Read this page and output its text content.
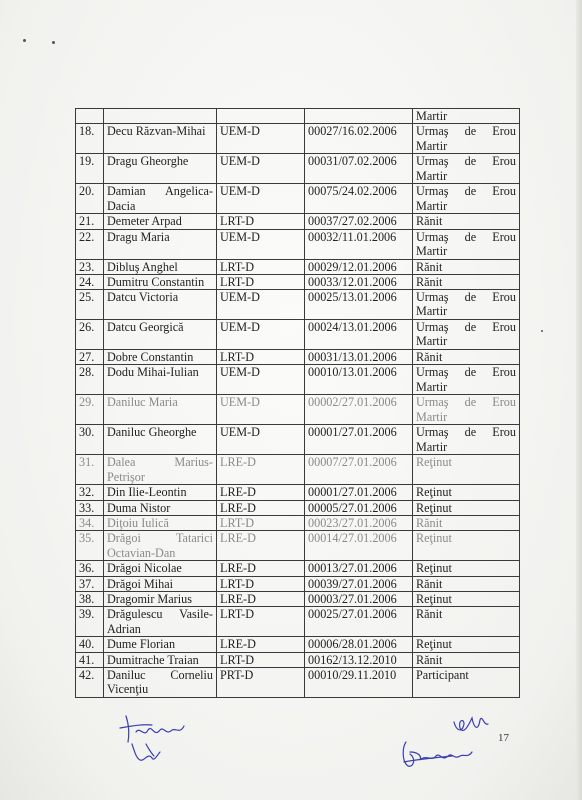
				Martir
18.	Decu Răzvan-Mihai	UEM-D	00027/16.02.2006	Urmaş de Erou Martir
19.	Dragu Gheorghe	UEM-D	00031/07.02.2006	Urmaş de Erou Martir
20.	Damian Angelica-Dacia	UEM-D	00075/24.02.2006	Urmaş de Erou Martir
21.	Demeter Arpad	LRT-D	00037/27.02.2006	Rănit
22.	Dragu Maria	UEM-D	00032/11.01.2006	Urmaş de Erou Martir
23.	Dibluş Anghel	LRT-D	00029/12.01.2006	Rănit
24.	Dumitru Constantin	LRT-D	00033/12.01.2006	Rănit
25.	Datcu Victoria	UEM-D	00025/13.01.2006	Urmaş de Erou Martir
26.	Datcu Georgică	UEM-D	00024/13.01.2006	Urmaş de Erou Martir
27.	Dobre Constantin	LRT-D	00031/13.01.2006	Rănit
28.	Dodu Mihai-Iulian	UEM-D	00010/13.01.2006	Urmaş de Erou Martir
29.	Daniluc Maria	UEM-D	00002/27.01.2006	Urmaş de Erou Martir
30.	Daniluc Gheorghe	UEM-D	00001/27.01.2006	Urmaş de Erou Martir
31.	Dalea Marius-Petrişor	LRE-D	00007/27.01.2006	Reţinut
32.	Din Ilie-Leontin	LRE-D	00001/27.01.2006	Reţinut
33.	Duma Nistor	LRE-D	00005/27.01.2006	Reţinut
34.	Diţoiu Iulică	LRT-D	00023/27.01.2006	Rănit
35.	Drăgoi Tatarici Octavian-Dan	LRE-D	00014/27.01.2006	Reţinut
36.	Drăgoi Nicolae	LRE-D	00013/27.01.2006	Reţinut
37.	Drăgoi Mihai	LRT-D	00039/27.01.2006	Rănit
38.	Dragomir Marius	LRE-D	00003/27.01.2006	Reţinut
39.	Drăgulescu Vasile-Adrian	LRT-D	00025/27.01.2006	Rănit
40.	Dume Florian	LRE-D	00006/28.01.2006	Reţinut
41.	Dumitrache Traian	LRT-D	00162/13.12.2010	Rănit
42.	Daniluc Corneliu Vicenţiu	PRT-D	00010/29.11.2010	Participant
17
